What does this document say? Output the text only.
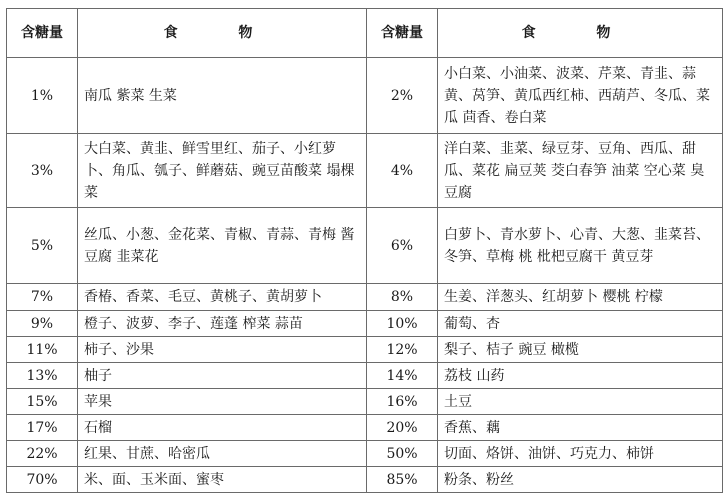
含糖量	食 物	含糖量	食 物
1%	南瓜 紫菜 生菜	2%	小白菜、小油菜、波菜、芹菜、青韭、蒜黄、莴笋、黄瓜西红柿、西葫芦、冬瓜、菜瓜 茴香、卷白菜
3%	大白菜、黄韭、鲜雪里红、茄子、小红萝卜、角瓜、瓠子、鲜蘑菇、豌豆苗酸菜 塌棵菜	4%	洋白菜、韭菜、绿豆芽、豆角、西瓜、甜瓜、菜花 扁豆荚 茭白春笋 油菜 空心菜 臭豆腐
5%	丝瓜、小葱、金花菜、青椒、青蒜、青梅 酱豆腐 韭菜花	6%	白萝卜、青水萝卜、心青、大葱、韭菜苔、冬笋、草梅 桃 枇杷豆腐干 黄豆芽
7%	香椿、香菜、毛豆、黄桃子、黄胡萝卜	8%	生姜、洋葱头、红胡萝卜 樱桃 柠檬
9%	橙子、波萝、李子、莲蓬 榨菜 蒜苗	10%	葡萄、杏
11%	柿子、沙果	12%	梨子、桔子 豌豆 橄榄
13%	柚子	14%	荔枝 山药
15%	苹果	16%	土豆
17%	石榴	20%	香蕉、藕
22%	红果、甘蔗、哈密瓜	50%	切面、烙饼、油饼、巧克力、柿饼
70%	米、面、玉米面、蜜枣	85%	粉条、粉丝
